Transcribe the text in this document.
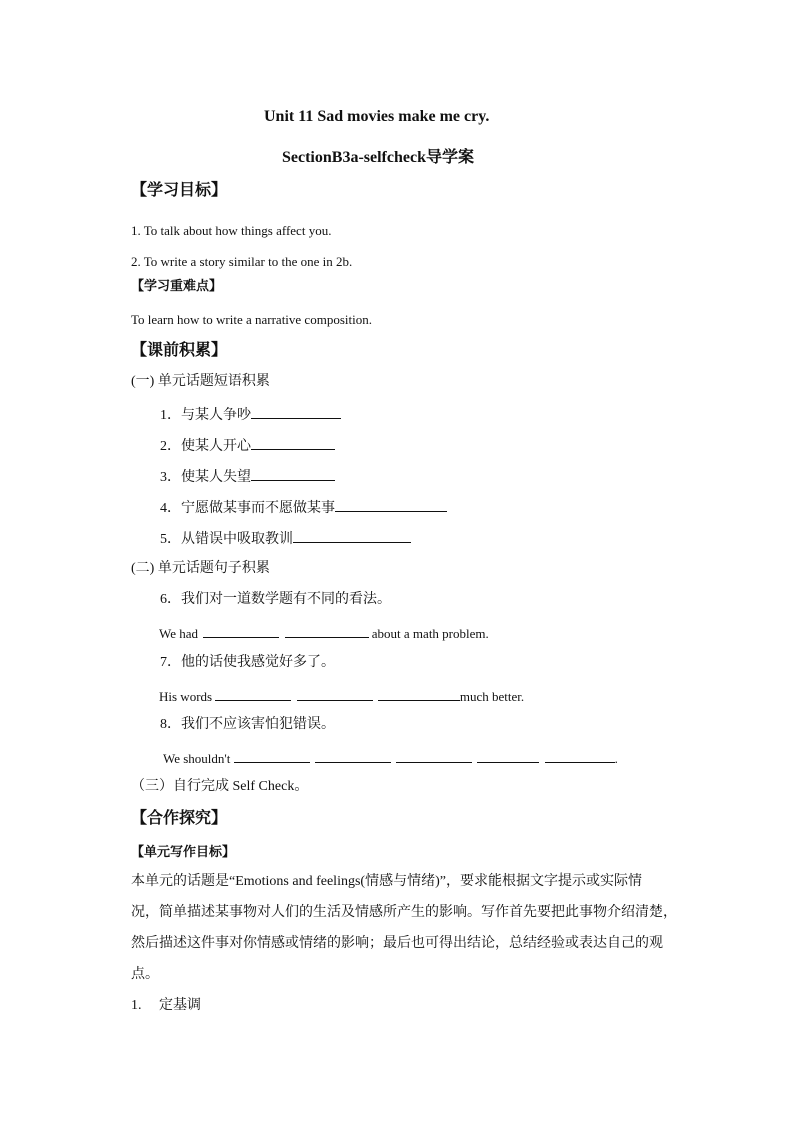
Unit 11 Sad movies make me cry.
SectionB3a-selfcheck导学案
【学习目标】
1. To talk about how things affect you.
2. To write a story similar to the one in 2b.
【学习重难点】
To learn how to write a narrative composition.
【课前积累】
(一) 单元话题短语积累
1．与某人争吵
2．使某人开心
3．使某人失望
4．宁愿做某事而不愿做某事
5．从错误中吸取教训
(二) 单元话题句子积累
6．我们对一道数学题有不同的看法。
We had	about a math problem.
7．他的话使我感觉好多了。
His words	much better.
8．我们不应该害怕犯错误。
We shouldn't	.
（三）自行完成 Self Check。
【合作探究】
【单元写作目标】
本单元的话题是“Emotions and feelings(情感与情绪)”，要求能根据文字提示或实际情
况，简单描述某事物对人们的生活及情感所产生的影响。写作首先要把此事物介绍清楚，
然后描述这件事对你情感或情绪的影响；最后也可得出结论，总结经验或表达自己的观
点。
1. 定基调
